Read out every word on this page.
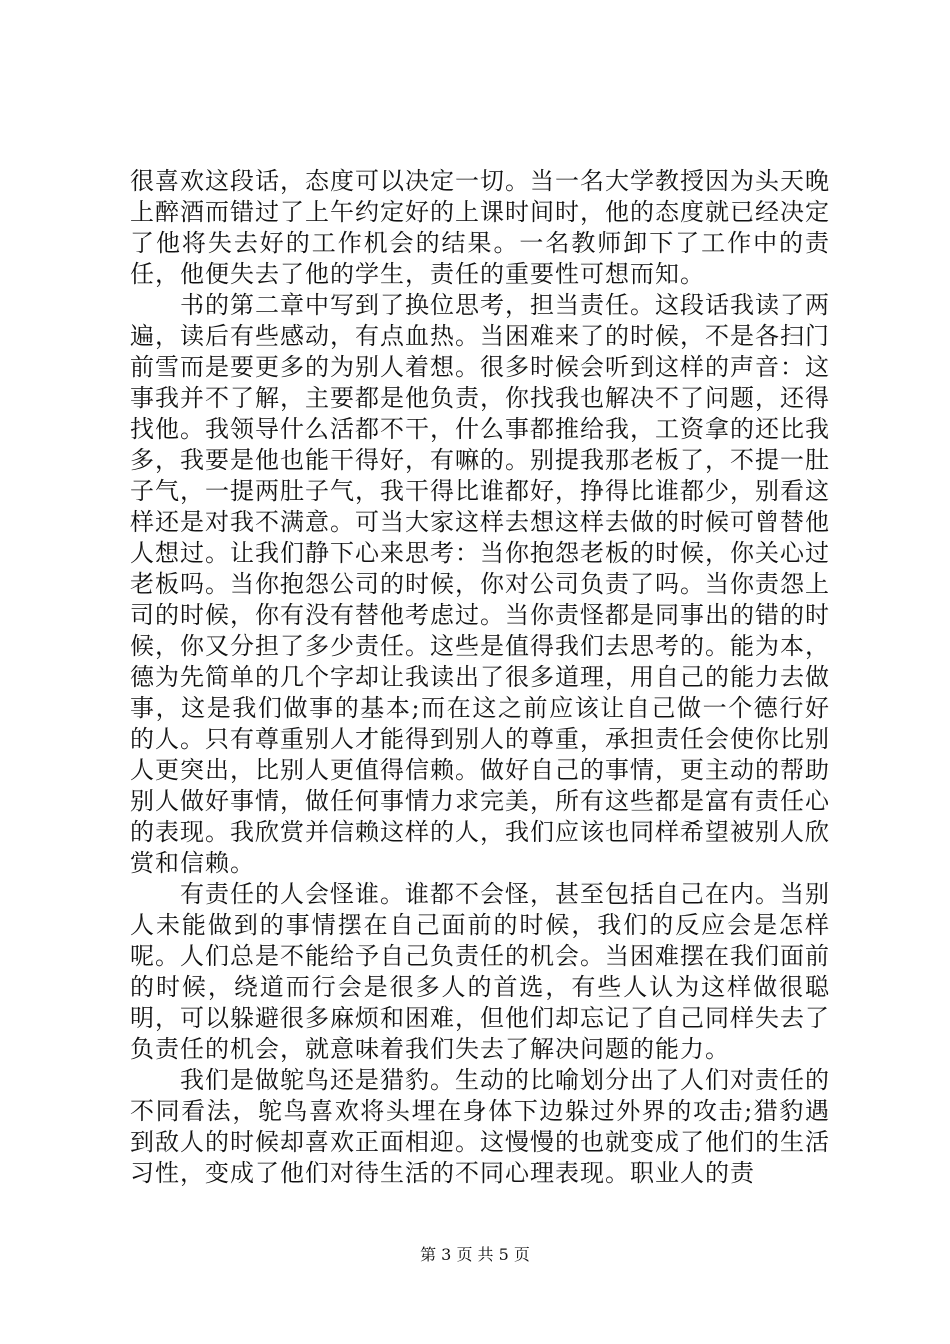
很喜欢这段话，态度可以决定一切。当一名大学教授因为头天晚上醉酒而错过了上午约定好的上课时间时，他的态度就已经决定了他将失去好的工作机会的结果。一名教师卸下了工作中的责任，他便失去了他的学生，责任的重要性可想而知。

书的第二章中写到了换位思考，担当责任。这段话我读了两遍，读后有些感动，有点血热。当困难来了的时候，不是各扫门前雪而是要更多的为别人着想。很多时候会听到这样的声音：这事我并不了解，主要都是他负责，你找我也解决不了问题，还得找他。我领导什么活都不干，什么事都推给我，工资拿的还比我多，我要是他也能干得好，有嘛的。别提我那老板了，不提一肚子气，一提两肚子气，我干得比谁都好，挣得比谁都少，别看这样还是对我不满意。可当大家这样去想这样去做的时候可曾替他人想过。让我们静下心来思考：当你抱怨老板的时候，你关心过老板吗。当你抱怨公司的时候，你对公司负责了吗。当你责怨上司的时候，你有没有替他考虑过。当你责怪都是同事出的错的时候，你又分担了多少责任。这些是值得我们去思考的。能为本，德为先简单的几个字却让我读出了很多道理，用自己的能力去做事，这是我们做事的基本;而在这之前应该让自己做一个德行好的人。只有尊重别人才能得到别人的尊重，承担责任会使你比别人更突出，比别人更值得信赖。做好自己的事情，更主动的帮助别人做好事情，做任何事情力求完美，所有这些都是富有责任心的表现。我欣赏并信赖这样的人，我们应该也同样希望被别人欣赏和信赖。

有责任的人会怪谁。谁都不会怪，甚至包括自己在内。当别人未能做到的事情摆在自己面前的时候，我们的反应会是怎样呢。人们总是不能给予自己负责任的机会。当困难摆在我们面前的时候，绕道而行会是很多人的首选，有些人认为这样做很聪明，可以躲避很多麻烦和困难，但他们却忘记了自己同样失去了负责任的机会，就意味着我们失去了解决问题的能力。

我们是做鸵鸟还是猎豹。生动的比喻划分出了人们对责任的不同看法，鸵鸟喜欢将头埋在身体下边躲过外界的攻击;猎豹遇到敌人的时候却喜欢正面相迎。这慢慢的也就变成了他们的生活习性，变成了他们对待生活的不同心理表现。职业人的责

第 3 页 共 5 页
